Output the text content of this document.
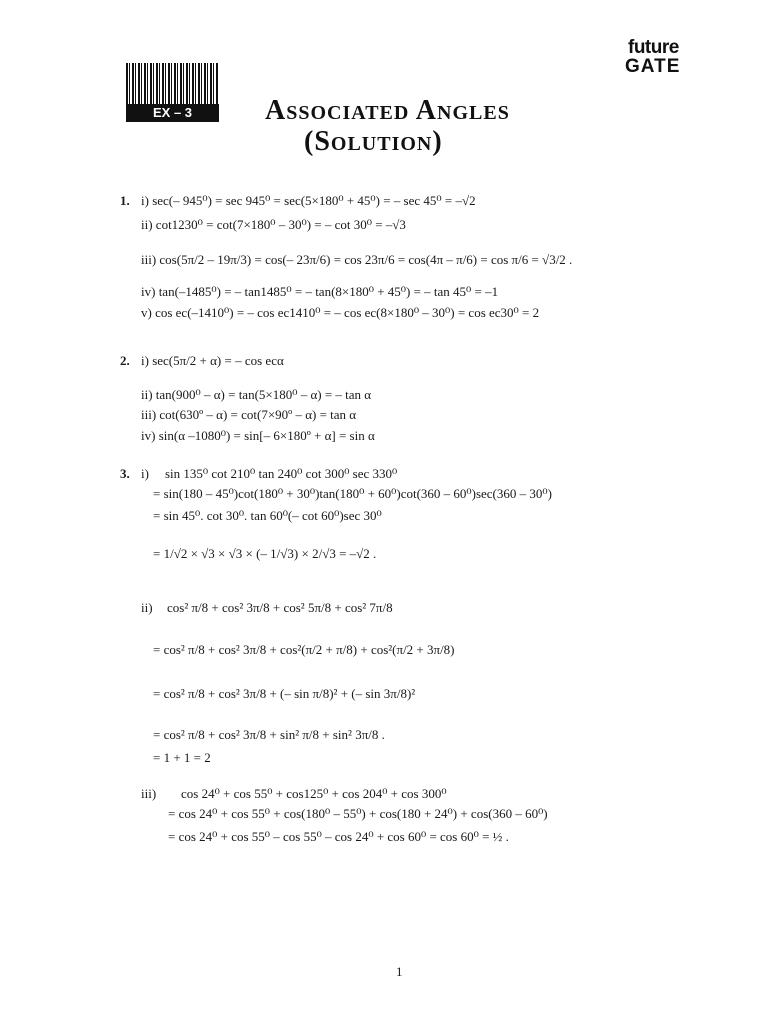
EX – 3
future
GATE
Associated Angles
(Solution)
1. i) sec(– 945⁰) = sec 945⁰ = sec(5×180⁰ + 45⁰) = – sec 45⁰ = –√2
ii) cot1230⁰ = cot(7×180⁰ – 30⁰) = – cot 30⁰ = –√3
iii) cos(5π/2 – 19π/3) = cos(– 23π/6) = cos 23π/6 = cos(4π – π/6) = cos π/6 = √3/2 .
iv) tan(–1485⁰) = – tan1485⁰ = – tan(8×180⁰ + 45⁰) = – tan 45⁰ = –1
v) cos ec(–1410⁰) = – cos ec1410⁰ = – cos ec(8×180⁰ – 30⁰) = cos ec30⁰ = 2
2. i) sec(5π/2 + α) = – cos ecα
ii) tan(900⁰ – α) = tan(5×180⁰ – α) = – tan α
iii) cot(630º – α) = cot(7×90º – α) = tan α
iv) sin(α –1080⁰) = sin[– 6×180º + α] = sin α
3. i) sin 135⁰ cot 210⁰ tan 240⁰ cot 300⁰ sec 330⁰
= sin(180 – 45⁰)cot(180⁰ + 30⁰)tan(180⁰ + 60⁰)cot(360 – 60⁰)sec(360 – 30⁰)
= sin 45⁰. cot 30⁰. tan 60⁰(– cot 60⁰)sec 30⁰
= 1/√2 × √3 × √3 × (– 1/√3) × 2/√3 = –√2 .
ii) cos² π/8 + cos² 3π/8 + cos² 5π/8 + cos² 7π/8
= cos² π/8 + cos² 3π/8 + cos²(π/2 + π/8) + cos²(π/2 + 3π/8)
= cos² π/8 + cos² 3π/8 + (– sin π/8)² + (– sin 3π/8)²
= cos² π/8 + cos² 3π/8 + sin² π/8 + sin² 3π/8 .
= 1 + 1 = 2
iii) cos 24⁰ + cos 55⁰ + cos125⁰ + cos 204⁰ + cos 300⁰
= cos 24⁰ + cos 55⁰ + cos(180⁰ – 55⁰) + cos(180 + 24⁰) + cos(360 – 60⁰)
= cos 24⁰ + cos 55⁰ – cos 55⁰ – cos 24⁰ + cos 60⁰ = cos 60⁰ = ½ .
1
